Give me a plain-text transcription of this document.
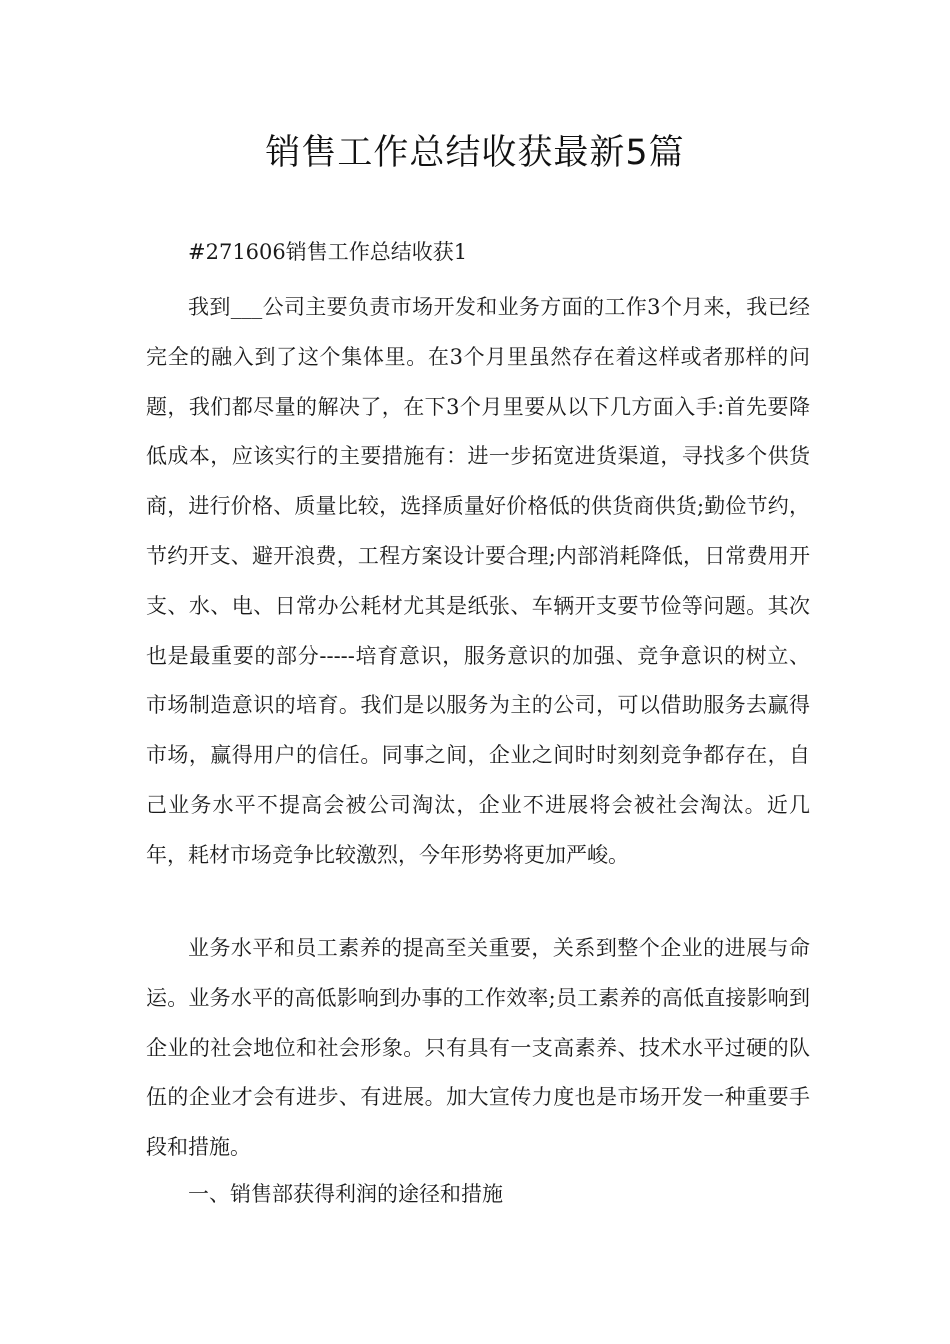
销售工作总结收获最新5篇

#271606销售工作总结收获1

我到___公司主要负责市场开发和业务方面的工作3个月来，我已经完全的融入到了这个集体里。在3个月里虽然存在着这样或者那样的问题，我们都尽量的解决了，在下3个月里要从以下几方面入手:首先要降低成本，应该实行的主要措施有：进一步拓宽进货渠道，寻找多个供货商，进行价格、质量比较，选择质量好价格低的供货商供货;勤俭节约，节约开支、避开浪费，工程方案设计要合理;内部消耗降低，日常费用开支、水、电、日常办公耗材尤其是纸张、车辆开支要节俭等问题。其次也是最重要的部分-----培育意识，服务意识的加强、竞争意识的树立、市场制造意识的培育。我们是以服务为主的公司，可以借助服务去赢得市场，赢得用户的信任。同事之间，企业之间时时刻刻竞争都存在，自己业务水平不提高会被公司淘汰，企业不进展将会被社会淘汰。近几年，耗材市场竞争比较激烈，今年形势将更加严峻。

业务水平和员工素养的提高至关重要，关系到整个企业的进展与命运。业务水平的高低影响到办事的工作效率;员工素养的高低直接影响到企业的社会地位和社会形象。只有具有一支高素养、技术水平过硬的队伍的企业才会有进步、有进展。加大宣传力度也是市场开发一种重要手段和措施。

一、销售部获得利润的途径和措施
